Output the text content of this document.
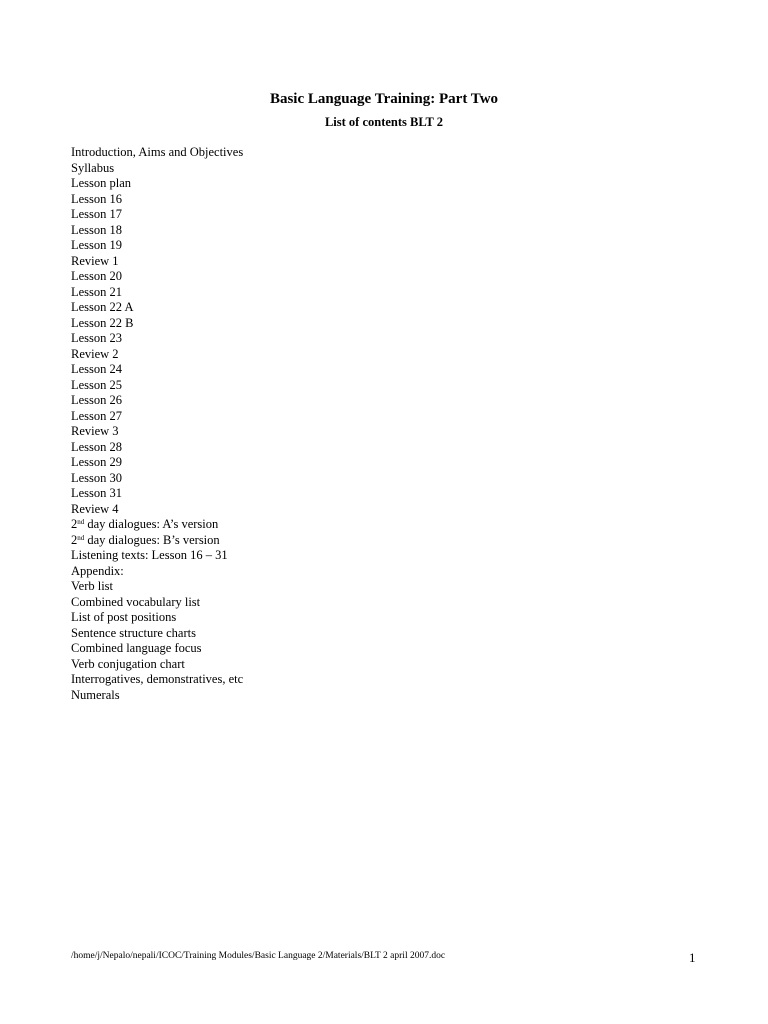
Basic Language Training: Part Two
List of contents BLT 2
Introduction, Aims and Objectives
Syllabus
Lesson plan
Lesson 16
Lesson 17
Lesson 18
Lesson 19
Review 1
Lesson 20
Lesson 21
Lesson 22 A
Lesson 22 B
Lesson 23
Review 2
Lesson 24
Lesson 25
Lesson 26
Lesson 27
Review 3
Lesson 28
Lesson 29
Lesson 30
Lesson 31
Review 4
2nd day dialogues: A’s version
2nd day dialogues: B’s version
Listening texts: Lesson 16 – 31
Appendix:
Verb list
Combined vocabulary list
List of post positions
Sentence structure charts
Combined language focus
Verb conjugation chart
Interrogatives, demonstratives, etc
Numerals
/home/j/Nepalo/nepali/ICOC/Training Modules/Basic Language 2/Materials/BLT 2 april 2007.doc	1
